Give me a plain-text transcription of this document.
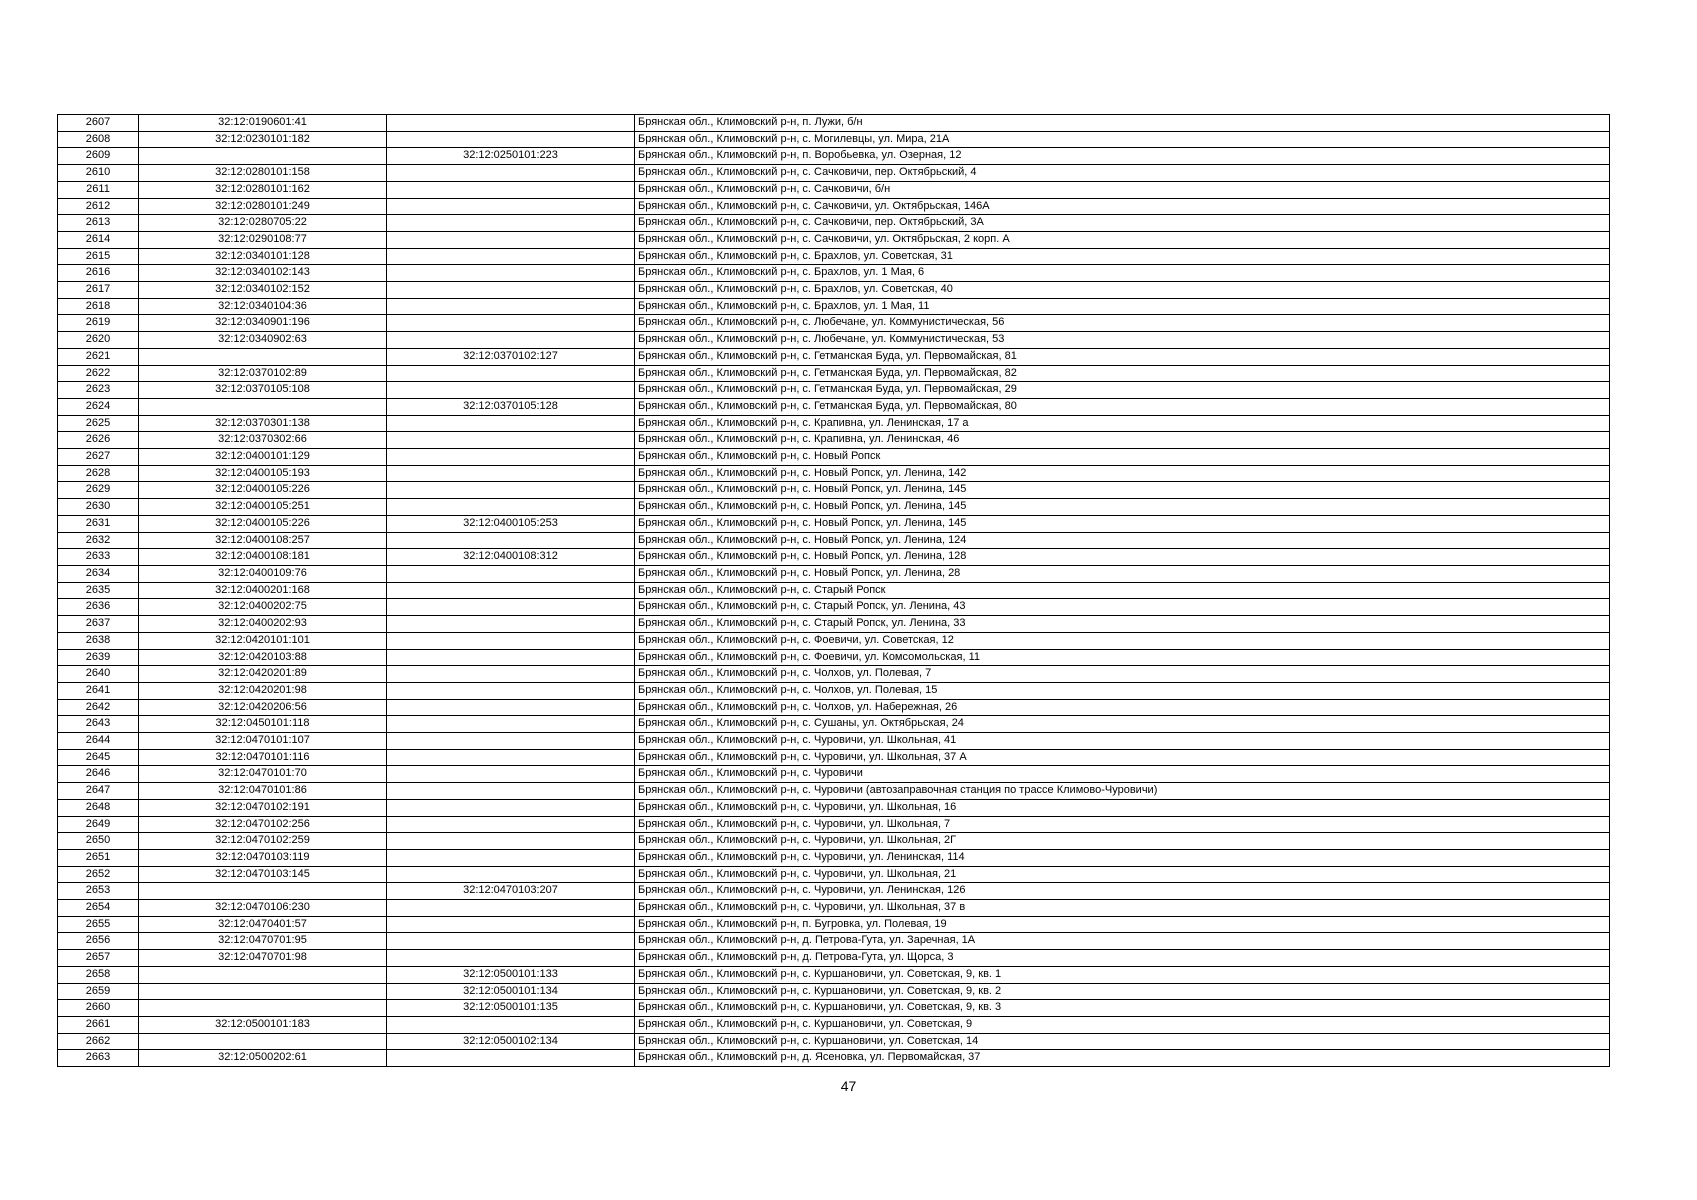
2607	32:12:0190601:41		Брянская обл., Климовский р-н, п. Лужи, б/н
2608	32:12:0230101:182		Брянская обл., Климовский р-н, с. Могилевцы, ул. Мира, 21А
2609		32:12:0250101:223	Брянская обл., Климовский р-н, п. Воробьевка, ул. Озерная, 12
2610	32:12:0280101:158		Брянская обл., Климовский р-н, с. Сачковичи, пер. Октябрьский, 4
2611	32:12:0280101:162		Брянская обл., Климовский р-н, с. Сачковичи, б/н
2612	32:12:0280101:249		Брянская обл., Климовский р-н, с. Сачковичи, ул. Октябрьская, 146А
2613	32:12:0280705:22		Брянская обл., Климовский р-н, с. Сачковичи, пер. Октябрьский, 3А
2614	32:12:0290108:77		Брянская обл., Климовский р-н, с. Сачковичи, ул. Октябрьская, 2 корп. А
2615	32:12:0340101:128		Брянская обл., Климовский р-н, с. Брахлов, ул. Советская, 31
2616	32:12:0340102:143		Брянская обл., Климовский р-н, с. Брахлов, ул. 1 Мая, 6
2617	32:12:0340102:152		Брянская обл., Климовский р-н, с. Брахлов, ул. Советская, 40
2618	32:12:0340104:36		Брянская обл., Климовский р-н, с. Брахлов, ул. 1 Мая, 11
2619	32:12:0340901:196		Брянская обл., Климовский р-н, с. Любечане, ул. Коммунистическая, 56
2620	32:12:0340902:63		Брянская обл., Климовский р-н, с. Любечане, ул. Коммунистическая, 53
2621		32:12:0370102:127	Брянская обл., Климовский р-н, с. Гетманская Буда, ул. Первомайская, 81
2622	32:12:0370102:89		Брянская обл., Климовский р-н, с. Гетманская Буда, ул. Первомайская, 82
2623	32:12:0370105:108		Брянская обл., Климовский р-н, с. Гетманская Буда, ул. Первомайская, 29
2624		32:12:0370105:128	Брянская обл., Климовский р-н, с. Гетманская Буда, ул. Первомайская, 80
2625	32:12:0370301:138		Брянская обл., Климовский р-н, с. Крапивна, ул. Ленинская, 17 а
2626	32:12:0370302:66		Брянская обл., Климовский р-н, с. Крапивна, ул. Ленинская, 46
2627	32:12:0400101:129		Брянская обл., Климовский р-н, с. Новый Ропск
2628	32:12:0400105:193		Брянская обл., Климовский р-н, с. Новый Ропск, ул. Ленина, 142
2629	32:12:0400105:226		Брянская обл., Климовский р-н, с. Новый Ропск, ул. Ленина, 145
2630	32:12:0400105:251		Брянская обл., Климовский р-н, с. Новый Ропск, ул. Ленина, 145
2631	32:12:0400105:226	32:12:0400105:253	Брянская обл., Климовский р-н, с. Новый Ропск, ул. Ленина, 145
2632	32:12:0400108:257		Брянская обл., Климовский р-н, с. Новый Ропск, ул. Ленина, 124
2633	32:12:0400108:181	32:12:0400108:312	Брянская обл., Климовский р-н, с. Новый Ропск, ул. Ленина, 128
2634	32:12:0400109:76		Брянская обл., Климовский р-н, с. Новый Ропск, ул. Ленина, 28
2635	32:12:0400201:168		Брянская обл., Климовский р-н, с. Старый Ропск
2636	32:12:0400202:75		Брянская обл., Климовский р-н, с. Старый Ропск, ул. Ленина, 43
2637	32:12:0400202:93		Брянская обл., Климовский р-н, с. Старый Ропск, ул. Ленина, 33
2638	32:12:0420101:101		Брянская обл., Климовский р-н, с. Фоевичи, ул. Советская, 12
2639	32:12:0420103:88		Брянская обл., Климовский р-н, с. Фоевичи, ул. Комсомольская, 11
2640	32:12:0420201:89		Брянская обл., Климовский р-н, с. Чолхов, ул. Полевая, 7
2641	32:12:0420201:98		Брянская обл., Климовский р-н, с. Чолхов, ул. Полевая, 15
2642	32:12:0420206:56		Брянская обл., Климовский р-н, с. Чолхов, ул. Набережная, 26
2643	32:12:0450101:118		Брянская обл., Климовский р-н, с. Сушаны, ул. Октябрьская, 24
2644	32:12:0470101:107		Брянская обл., Климовский р-н, с. Чуровичи, ул. Школьная, 41
2645	32:12:0470101:116		Брянская обл., Климовский р-н, с. Чуровичи, ул. Школьная, 37 А
2646	32:12:0470101:70		Брянская обл., Климовский р-н, с. Чуровичи
2647	32:12:0470101:86		Брянская обл., Климовский р-н, с. Чуровичи (автозаправочная станция по трассе Климово-Чуровичи)
2648	32:12:0470102:191		Брянская обл., Климовский р-н, с. Чуровичи, ул. Школьная, 16
2649	32:12:0470102:256		Брянская обл., Климовский р-н, с. Чуровичи, ул. Школьная, 7
2650	32:12:0470102:259		Брянская обл., Климовский р-н, с. Чуровичи, ул. Школьная, 2Г
2651	32:12:0470103:119		Брянская обл., Климовский р-н, с. Чуровичи, ул. Ленинская, 114
2652	32:12:0470103:145		Брянская обл., Климовский р-н, с. Чуровичи, ул. Школьная, 21
2653		32:12:0470103:207	Брянская обл., Климовский р-н, с. Чуровичи, ул. Ленинская, 126
2654	32:12:0470106:230		Брянская обл., Климовский р-н, с. Чуровичи, ул. Школьная, 37 в
2655	32:12:0470401:57		Брянская обл., Климовский р-н, п. Бугровка, ул. Полевая, 19
2656	32:12:0470701:95		Брянская обл., Климовский р-н, д. Петрова-Гута, ул. Заречная, 1А
2657	32:12:0470701:98		Брянская обл., Климовский р-н, д. Петрова-Гута, ул. Щорса, 3
2658		32:12:0500101:133	Брянская обл., Климовский р-н, с. Куршановичи, ул. Советская, 9, кв. 1
2659		32:12:0500101:134	Брянская обл., Климовский р-н, с. Куршановичи, ул. Советская, 9, кв. 2
2660		32:12:0500101:135	Брянская обл., Климовский р-н, с. Куршановичи, ул. Советская, 9, кв. 3
2661	32:12:0500101:183		Брянская обл., Климовский р-н, с. Куршановичи, ул. Советская, 9
2662		32:12:0500102:134	Брянская обл., Климовский р-н, с. Куршановичи, ул. Советская, 14
2663	32:12:0500202:61		Брянская обл., Климовский р-н, д. Ясеновка, ул. Первомайская, 37
47
